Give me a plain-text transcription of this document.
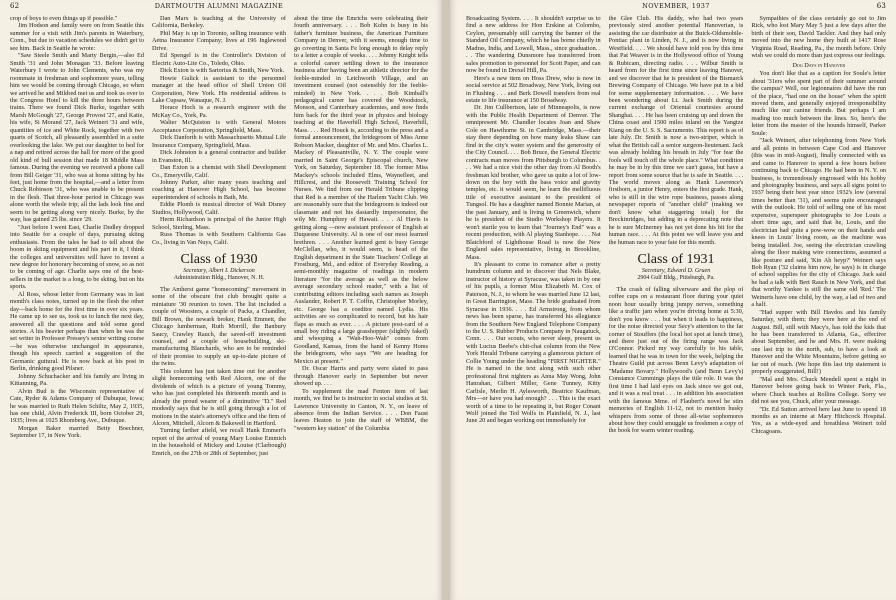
62	DARTMOUTH ALUMNI MAGAZINE

crop of boys to even things up if possible."

Jim Hodson and family were on from Seattle this summer for a visit with Jim's parents in Waterbury, Conn., but due to vacation schedules we didn't get to see him. Back in Seattle he wrote:

"Saw Steele Smith and Marty Bergin,—also Ed Smith '31 and John Monagan '33. Before leaving Waterbury I wrote to John Clements, who was my roommate in freshman and sophomore years, telling him we would be coming through Chicago, so when we arrived he and Mildred met us and took us over to the Congress Hotel to kill the three hours between trains. There we found Dick Burke, together with Marsh McGough '27, George Provost '27, and Katie, his wife, Si Morand '27, Jack Weinert '31 and wife, quantities of ice and White Rock, together with two quarts of Scotch, all pleasantly assembled in a suite overlooking the lake. We put our daughter to bed for a nap and retired across the hall for more of the good old kind of bull session that made 18 Middle Mass famous. During the evening we received a phone call from Bill Geiger '31, who was at home sitting by his feet, just home from the hospital,—and a letter from Chuck Robinson '31, who was unable to be present in the flesh. That three-hour period in Chicago was alone worth the whole trip; all the lads look fine and seem to be getting along very nicely. Burke, by the way, has gained 25 lbs. since '29.

"Just before I went East, Charlie Dudley dropped into Seattle for a couple of days, pursuing skiing enthusiasts. From the tales he had to tell about the boom in skiing equipment and his part in it, I think the colleges and universities will have to invent a new degree for honorary becoming of snow, so as not to be coming of age. Charlie says one of the best-sellers in the market is a long, to be skiing, but on his sports.

Al Ross, whose letter from Germany was in last month's class notes, turned up in the flesh the other day—back home for the first time in over six years. He came up to see us, took us to lunch the next day, answered all the questions and told some good stories. A his beavier perhaps than when he was the set writer in Professor Pressey's senior writing course—he was otherwise unchanged in appearance, though his speech carried a suggestion of the Germanic guttural. He is now back at his post in Berlin, drinking good Pilsner.

Johnny Schuchacker and his family are living in Kittanning, Pa.

Alvin Bud is the Wisconsin representative of Cate, Ryder & Adams Company of Dubuque, Iowa; he was married to Ruth Helen Schiltz, May 2, 1935, has one child, Alvin Frederick III, born October 29, 1935; lives at 1025 Rhomberg Ave., Dubuque.

Morgan Baker married Betty Boechner, September 17, in New York.

Dan Marx is teaching at the University of California, Berkeley.

Phil May is up in Toronto, selling insurance with Aetna Insurance Company; lives at 196 Inglewood Drive.

Ed Spengel is in the Controller's Division of Electric Auto-Lite Co., Toledo, Ohio.

Dick Exton is with Sartorius & Smith, New York.

Howie Gulick is assistant to the personnel manager at the head office of Shell Union Oil Corporation, New York. His residential address is Lake Cupsaw, Wanaque, N. J.

Horace Hoch is a research engineer with the McKay Co., York, Pa.

Walter McQuiston is with General Motors Acceptance Corporation, Springfield, Mass.

Dick Danforth is with Massachusetts Mutual Life Insurance Company, Springfield, Mass.

Dick Johnston is a general contractor and builder in Evanston, Ill.

Dan Exton is a chemist with Shell Development Co., Emeryville, Calif.

Johnny Parker, after many years teaching and coaching at Hanover High School, has become superintendent of schools in Bath, Me.

Eddie Plomb is musical director of Walt Disney Studios, Hollywood, Calif.

Herm Richardson is principal of the Junior High School, Sterling, Mass.

Russ Thomas is with Southern California Gas Co., living in Van Nuys, Calif.

Class of 1930
Secretary, Albert I. Dickerson
Administration Bldg., Hanover, N. H.

The Amherst game "homecoming" movement in some of the obscure frat club brought quite a miniature '30 reunion to town. The list included a couple of Woosters, a couple of Packs, a Chandler, Bill Brown, the newark broker, Hank Emmett, the Chicago lumberman, Ruth Morrill, the Banbury Saucy, Crawley Rauch, the saved-off investment counsel, and a couple of housebuilding, ski-manufacturing Blanchards, who are to be reminded of their promise to supply an up-to-date picture of the twins.

This column has just taken time out for another slight homecoming with Red Alcorn, one of the dividends of which is a picture of young Tommy, who has just completed his thirteenth month and is already the proud wearer of a diminutive "D." Red modestly says that he is still going through a lot of motions in the state's attorney's office and the firm of Alcorn, Mitchell, Alcorn & Bakewell in Hartford.

Turning farther afield, we recall Hank Emmert's report of the arrival of young Mary Louise Emmich in the household of Mickey and Louise (Clarbough) Emrich, on the 27th or 28th of September, just

about the time the Emrichs were celebrating their fourth anniversary. . . . Bob Kohn is busy in his father's furniture business, the American Furniture Company in Denver, with it seems, enough time to go coverting in Santa Fe long enough to delay reply to a letter a couple of weeks. . . . Johnny Knight tells a colorful career settling down to the insurance business after having been an athletic director for the feeble-minded in Letchworth Village, and an investment counsel (not ostensibly for the feeble-minded) in New York. . . . Bob Kimball's pedagogical career has covered the Woodstock, Monson, and Canterbury academies, and now finds him back for the third year in physics and biology teaching at the Haverhill High School, Haverhill, Mass. . . . Red Houck is, according to the press and a formal announcement, the bridegroom of Miss Anne Robson Macker, daughter of Mr. and Mrs. Charles L. Mackey of Pleasantville, N. Y. The couple were married in Saint George's Episcopal church, New York, on Saturday, September 18. The former Miss Mackey's schools included Elms, Waynefleet, and Hillcrest, and the Roosevelt Training School for Nurses. We find from our Herald Tribune clipping that Red is a member of the Harlem Yacht Club. We are reasonably sure that the bridegroom is indeed our classmate and not his dastardly impersonator, the wily Mr. Humphrey of Hawaii. . . . Al Havis is getting along —now assistant professor of English at Duquesne University. Al is one of our most learned brethren. . . . Another learned gent is busy George McClellan, who, it would seem, is head of the English department in the State Teachers' College at Frostburg, Md., and editor of Everyday Reading, a semi-monthly magazine of readings in modern literature "for the average as well as the below average secondary school reader," with a list of contributing editors including such names as Joseph Auslander, Robert P. T. Coffin, Christopher Morley, etc. George has a coeditor named Lydia. His activities are so complicated to record, but his hair flaps as much as ever. . . . A picture post-card of a small boy riding a large grasshopper (slightly faked) and whooping a "Wah-Hoo-Wah" comes from Goodland, Kansas, from the hand of Kenny Homs the bridegroom, who says "We are heading for Mexico at present."

Dr. Oscar Harris and party were slated to pass through Hanover early in September but never showed up. . . .

To supplement the mad Fenton item of last month, we find he is instructor in social studies at St. Lawrence University in Canton, N. Y., on leave of absence from the Indian Service. . . . Don Faust leaves Heaton to join the staff of WBBM, the "western key station" of the Columbia

NOVEMBER, 1937	63

Broadcasting System. . . . It shouldn't surprise us to find a new address for Hon Erskine at Colombo, Ceylon, presumably still carrying the banner of the Standard Oil Company, which he has borne chiefly in Madras, India, and Lowell, Mass., since graduation. . . . The wandering Dunsmore has transferred from sales promotion to personnel for Scott Paper, and can now be found in Drexel Hill, Pa.

Here's a new item on Hoss Drew, who is now in social service at 502 Broadway, New York, living out in Flushing . . . and Berk Dowell transfers from real estate to life insurance at 150 Broadway.

Dr. Jim Cullbertson, late of Minneapolis, is now with the Public Health Department of Denver. The omnipresent Mr. Chandler locates Joan and Shaw Cole on Hawthorne St. in Cambridge, Mass.—their stay there depending on how many leaks Shaw can find in the city's water system and the generosity of the City Council. . . . Bob Bruce, the General Electric contracts man moves from Pittsburgh to Columbus. . . . We had a nice visit the other day from Al Booth's freshman kid brother, who gave us quite a lot of low-down on the boy with the bass voice and gravity temples, etc. it would seem, he learn the mellifluous title of executive assistant to the president of Tungsol. He has a daughter named Bonnie Marian, at the past January, and is living in Greenwich, where he is president of the Studio Workshop Players. It won't startle you to learn that "Journey's End" was a recent production, with Al playing Stanhope. . . . Nat Blatchford of Lighthouse Road is now the New England sales representative, living in Brookline, Mass.

It's pleasant to come to romance after a pretty humdrum column and to discover that Nels Blake, instructor of history at Syracuse, was taken in by one of his pupils, a former Miss Elizabeth M. Cox of Paterson, N. J., to whom he was married June 12 last, in Great Barrington, Mass. The bride graduated from Syracuse in 1936. . . . Ed Armstrong, from whom news has been sparse, has transferred his allegiance from the Southern New England Telephone Company to the U. S. Rubber Products Company in Naugatuck, Conn. . . . Our scouts, who never sleep, present us with Lucius Beebe's chit-chat column from the New York Herald Tribune carrying a glamorous picture of Collie Young under the heading "FIRST NIGHTER." He is named in the text along with such other professional first nighters as Anna May Wong, John Hanrahan, Gilbert Miller, Gene Tunney, Kitty Carlisle, Merlin H. Aylesworth, Beatrice Kaufman, Mrs—or have you had enough? . . . This is the exact worth of a time to be repeating it, but Roger Conant Wolf joined the Ted Wolfs in Plainfield, N. J., last June 20 and began working out immediately for

the Glee Club. His daddy, who had two years previously sired another potential Hanoverian, is assisting the car distributor at the Buick-Oldsmobile-Pontiac plant in Linden, N. J., and is now living in Westfield. . . . We should have told you by this time that Pat Weaver is in the Hollywood office of Young & Rubicam, directing radio. . . . Wilbur Smith is heard from for the first time since leaving Hanover, and we discover that he is president of the Bismarck Brewing Company of Chicago. We have put in a bid for some supplementary information. . . . We have been wondering about Lt. Jack Smith during the current exchange of Oriental courtesies around Shanghai. . . . He has been cruising up and down the China coast and 1500 miles inland on the Yangtze Kiang on the U. S. S. Sacramento. This report is as of late July. Dr. Smith is now a two-striper, which is what the British call a senior surgeon-lieutenant. Jack was already holding his breath in July "for fear the fools will touch off the whole place." What condition he may be in by this time we can't guess, but have a report from some source that he is safe in Seattle. . . . The world moves along as Hank Lawrence's firstborn, a junior Henry, enters the first grade. Hank, who is still in the wire rope business, passes along newspaper reports of "another child" (making we don't know what staggering total) for the Breckinridges, but adding in a deprecating note that he is sure McInerney has not yet done his bit for the human race. . . . At this point we will leave you and the human race to your fate for this month.

Class of 1931
Secretary, Edward D. Gruen
2904 Gulf Bldg., Pittsburgh, Pa.

The crash of falling silverware and the plop of coffee cups on a restaurant floor during your quiet noon hour usually bring jumpy nerves, something like a traffic jam when you're driving home at 5:30, don't you know . . . but when it leads to happiness, for the noise directed your Secy's attention to the far corner of Stouffers (the local hot spot at lunch time), and there just out of the firing range was Jack O'Connor. Picked my way carefully to his table, learned that he was in town for the week, helping the Theatre Guild put across Benn Levy's adaptation of "Madame Bovary." Hollywood's (and Benn Levy's) Constance Cummings plays the title role. It was the first time I had laid eyes on Jack since we got out, and it was a real treat . . . in addition his association with the famous Mme. of Flaubert's novel he stirs memories of English 11-12, not to mention husky whispers from some of those all-wise sophomores about how they could smuggle us freshmen a copy of the book for warm winter reading.

Sympathies of the class certainly go out to Jim Rick, who lost Mary May 5 just a few days after the birth of their son, David Tackler. And they had only moved into the new home they built at 1417 Rose Virginia Road, Reading, Pa., the month before. Only wish we could do more than just express our feelings.

Dog Days in Hanover

You don't like that as a caption for Soule's letter about '31ers who spent part of their summer around the campus? Well, our legionnaires did have the run of the place, "had one on the house" when the spirit moved them, and generally enjoyed irresponsibility much like our canine friends. But perhaps I am reading too much between the lines. So, here's the letter from the master of the hounds himself, Parker Soule:

"Jack Weinert, after telephoning from New York and all points in between Cape Cod and Hanover (this was in mid-August), finally connected with us and came to Hanover to spend a few hours before continuing back to Chicago. He had been in N. Y. on business, is tremendously engrossed with his hobby and photography business, and says all signs point to 1937 being their best year since 1932's low (several times better than '31), and seems quite encouraged with the outlook. He told of selling one of his most expensive, superspeer photographs to Joe Louis a short time ago, and said that he, Louis, and the electrician had quite a pow-wow on their hands and knees in Louis' living room, as the machine was being installed. Joe, seeing the electrician crawling along the floor making wire connections, assumed a like posture and said, 'Kin Ah heyp?' Weinert says Bob Ryan ('32 claims him now, he says) is in charge of school supplies for the city of Chicago. Jack said he had a talk with Bert Rauch in New York, and that that worthy Yankee is still the same old 'Red.' The Weinerts have one child, by the way, a lad of two and a half.

"Had supper with Bill Havdos and his family Saturday, with them; they were here at the end of August. Bill, still with Macy's, has told the kids that he has been transferred to Atlanta, Ga., effective about September, and he and Mrs. H. were making one last trip to the north, sub, to have a look at Hanover and the White Mountains, before getting so far out of reach. (We hope this last trip statement is properly exaggerated, Bill!)

"Mal and Mrs. Chuck Mendell spent a night in Hanover before going back to Winter Park, Fla., where Chuck teaches at Rollins College. Sorry we did not see you, Chuck, after your message.

"Dr. Ed Sutton arrived here last June to spend 18 months as an interne at Mary Hitchcock Hospital. Yes, as a wide-eyed and breathless Weinert told Chicagoans.
